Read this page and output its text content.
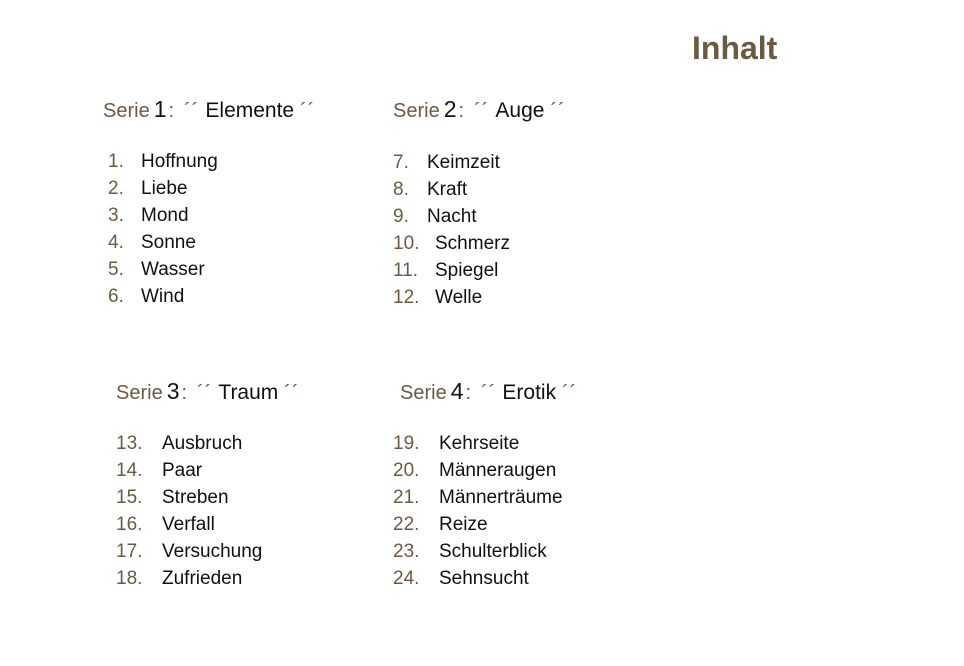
Inhalt
Serie 1 : ´´ Elemente ´´
1. Hoffnung
2. Liebe
3. Mond
4. Sonne
5. Wasser
6. Wind
Serie 2 : ´´ Auge ´´
7. Keimzeit
8. Kraft
9. Nacht
10. Schmerz
11. Spiegel
12. Welle
Serie 3 : ´´ Traum ´´
13.	Ausbruch
14.	Paar
15.	Streben
16.	Verfall
17.	Versuchung
18.	Zufrieden
Serie 4 : ´´ Erotik ´´
19.	Kehrseite
20.	Männeraugen
21.	Männerträume
22.	Reize
23.	Schulterblick
24.	Sehnsucht
